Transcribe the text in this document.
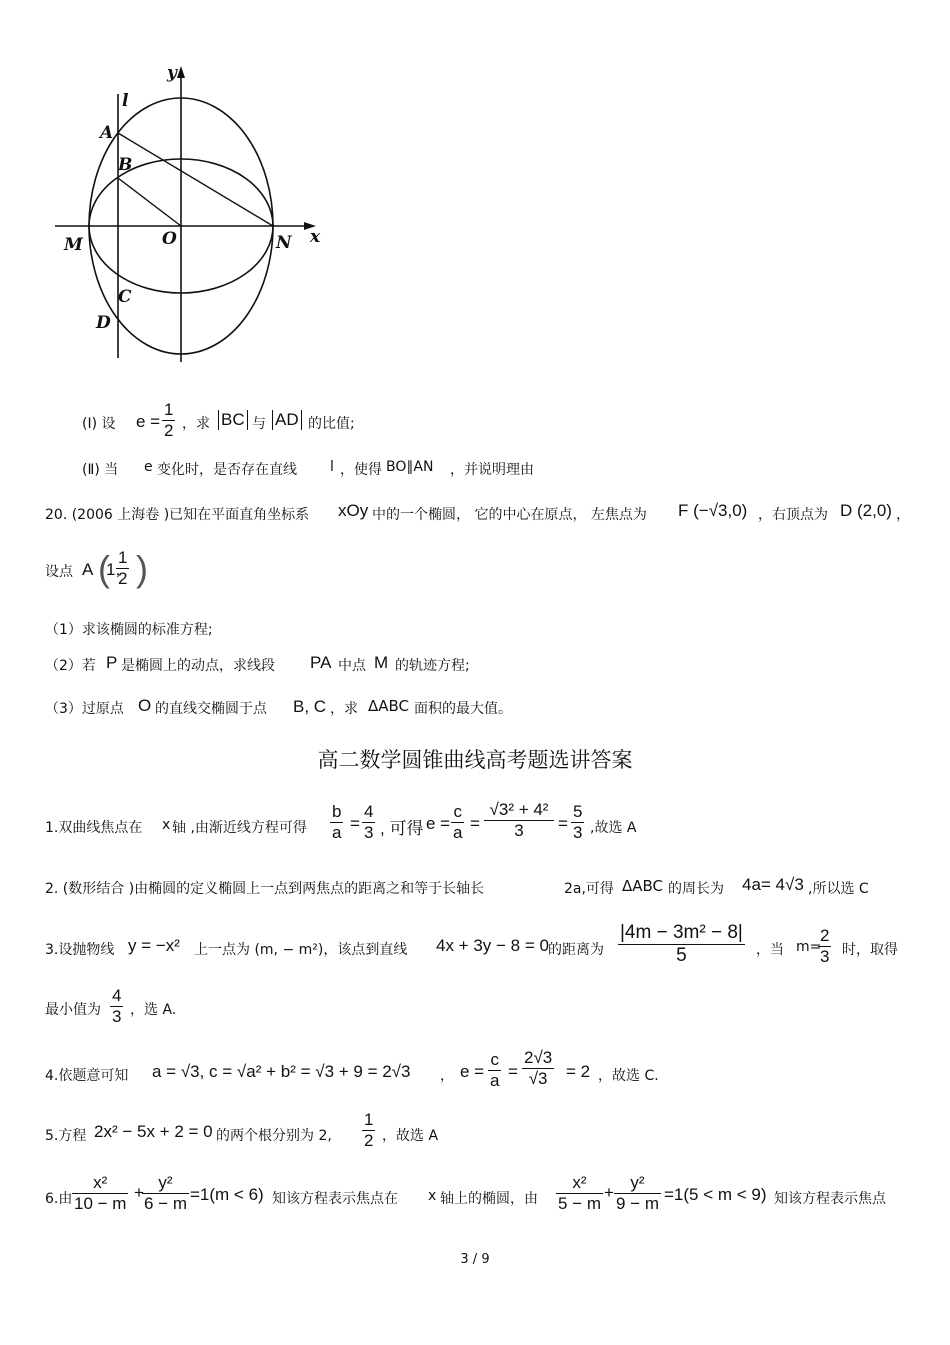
y
l
A
B
O
M	N x
C
D
(Ⅰ) 设 $e = \frac{1}{2}$ ，求 BC 与 AD 的比值;
(Ⅱ) 当 e 变化时，是否存在直线 l ，使得 BO∥AN ，并说明理由
20. (2006 上海卷 )已知在平面直角坐标系 xOy 中的一个椭圆， 它的中心在原点， 左焦点为 F (−√3,0) ，右顶点为 D (2,0) ，
设点 A (
1,
$\frac{1}{2}$ )
（1）求该椭圆的标准方程;
（2）若 P 是椭圆上的动点，求线段 PA 中点 M 的轨迹方程;
（3）过原点 O 的直线交椭圆于点 B, C ，求 ΔABC 面积的最大值。
高二数学圆锥曲线高考题选讲答案
1.双曲线焦点在 x 轴 ,由渐近线方程可得 $\frac{b}{a} = \frac{4}{3}$ , 可得 $e = \frac{c}{a} = \frac{\text{√3² + 4²}}{3} = \frac{5}{3}$ ,故选 A
2. (数形结合 )由椭圆的定义椭圆上一点到两焦点的距离之和等于长轴长	2a,可得 ΔABC 的周长为 4a= 4√3 ,所以选 C
3.设抛物线 y = −x² 上一点为 (m, − m²)，该点到直线 4x + 3y − 8 = 0 的距离为 $\frac{\text{|4m − 3m² − 8|}}{5}$ ，当 m=
$\frac{2}{3}$ 时，取得
最小值为 $\frac{4}{3}$ ，选 A.
4.依题意可知 a = √3, c = √a² + b² = √3 + 9 = 2√3 ， $e = \frac{c}{a} = \frac{2√3}{√3} = 2$ ，故选 C.
5.方程 2x² − 5x + 2 = 0 的两个根分别为 2, $\frac{1}{2}$ ，故选 A
6.由 $\frac{\text{x²}}{10 - m}$ +
$\frac{\text{y²}}{6 - m} =1(m < 6)$ 知该方程表示焦点在 x 轴上的椭圆，由 $\frac{\text{x²}}{5 - m} + \frac{\text{y²}}{9 - m} =1(5 < m < 9)$ 知该方程表示焦点
3 / 9
